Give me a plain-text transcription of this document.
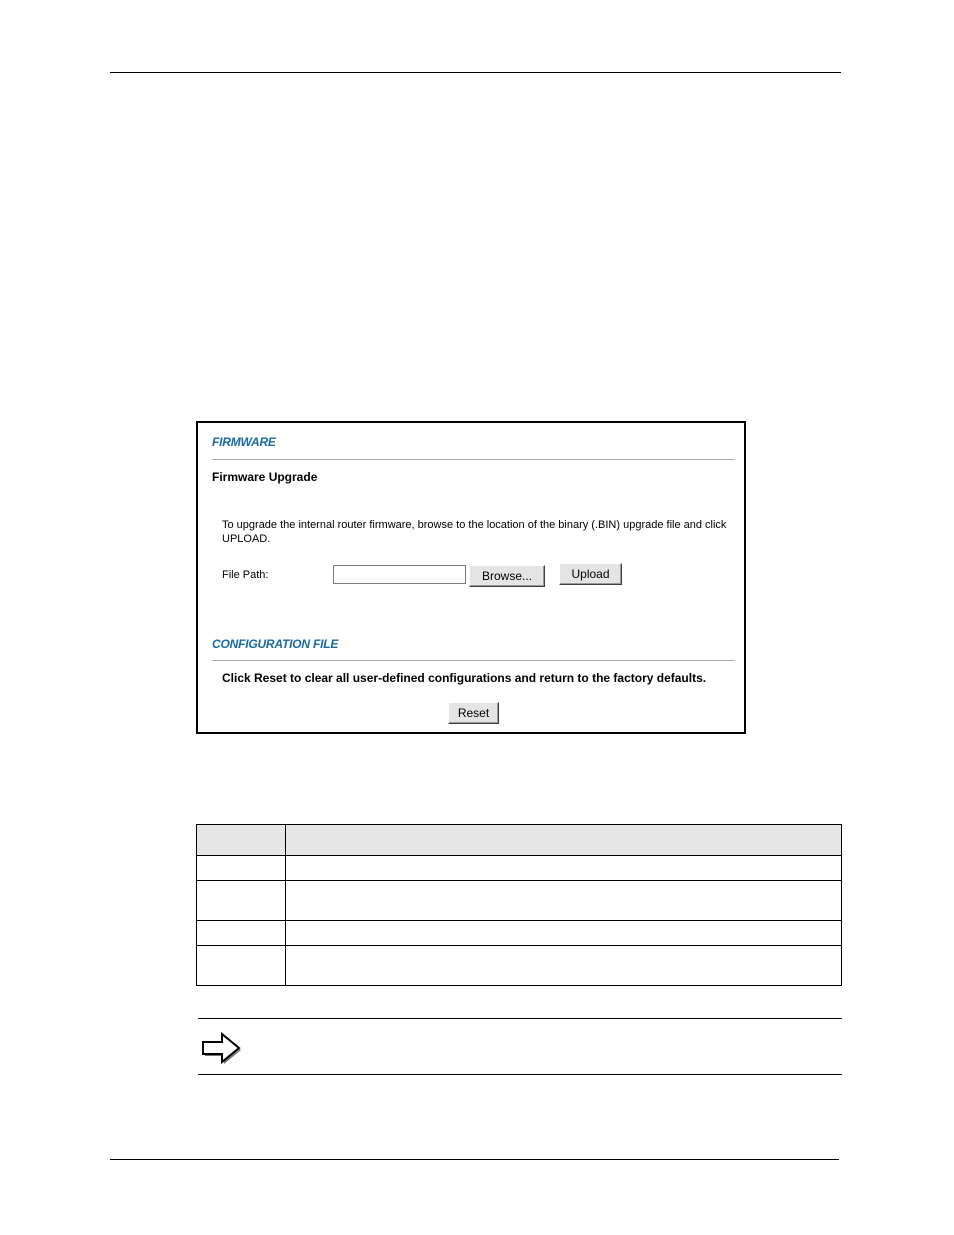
FIRMWARE
Firmware Upgrade
To upgrade the internal router firmware, browse to the location of the binary (.BIN) upgrade file and click UPLOAD.
File Path:	Browse...	Upload
CONFIGURATION FILE
Click Reset to clear all user-defined configurations and return to the factory defaults.
Reset
